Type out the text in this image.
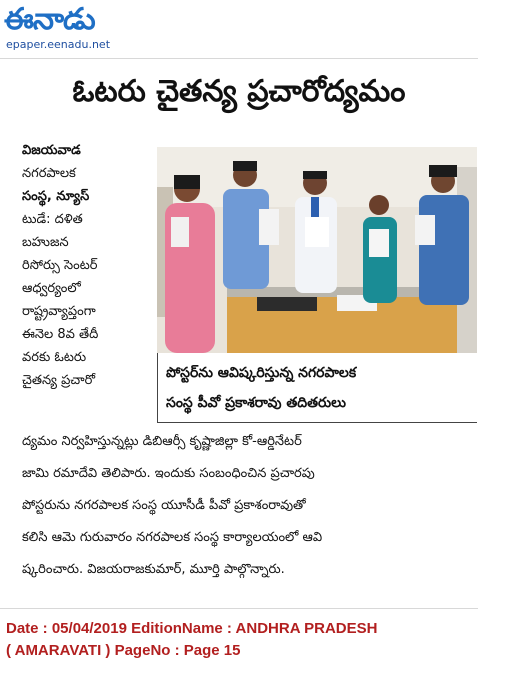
ఈనాడు
epaper.eenadu.net
ఓటరు చైతన్య ప్రచారోద్యమం
విజయవాడ
నగరపాలక
సంస్థ, న్యూస్
టుడే: దళిత
బహుజన
రిసోర్సు సెంటర్
ఆధ్వర్యంలో
రాష్ట్రవ్యాప్తంగా
ఈనెల 8వ తేదీ
వరకు ఓటరు
చైతన్య ప్రచారో	పోస్టర్‌ను ఆవిష్కరిస్తున్న నగరపాలక
సంస్థ పీవో ప్రకాశరావు తదితరులు
ద్యమం నిర్వహిస్తున్నట్లు డిబిఆర్సీ కృష్ణాజిల్లా కో-ఆర్డినేటర్
జామి రమాదేవి తెలిపారు. ఇందుకు సంబంధించిన ప్రచారపు
పోస్టరును నగరపాలక సంస్థ యూసీడీ పీవో ప్రకాశంరావుతో
కలిసి ఆమె గురువారం నగరపాలక సంస్థ కార్యాలయంలో ఆవి
ష్కరించారు. విజయరాజకుమార్, మూర్తి పాల్గొన్నారు.
Date : 05/04/2019 EditionName : ANDHRA PRADESH
( AMARAVATI ) PageNo : Page 15
